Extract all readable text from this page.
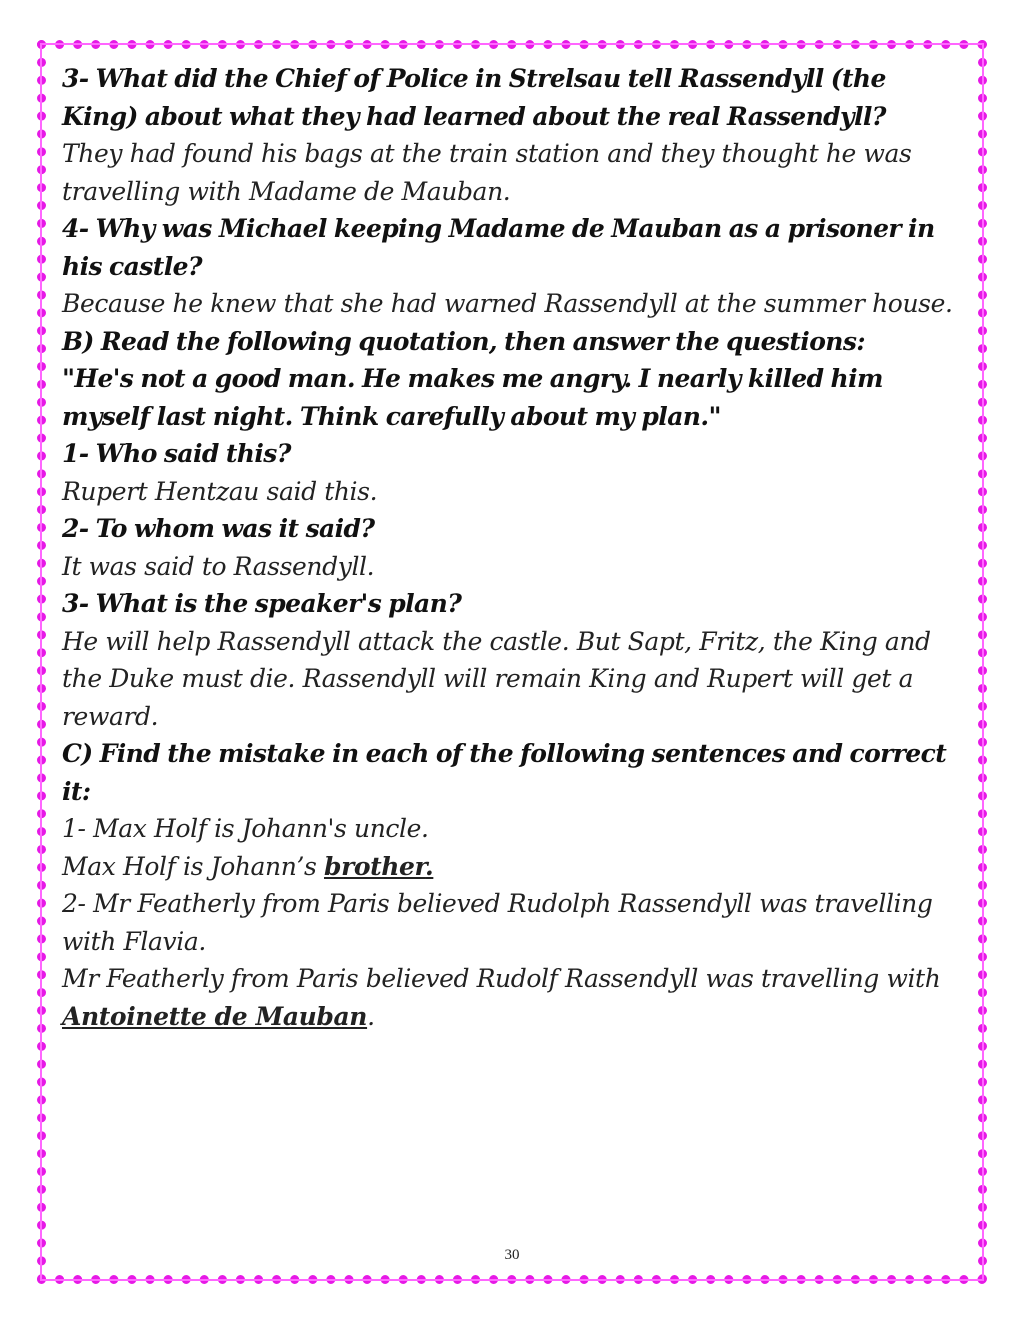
3- What did the Chief of Police in Strelsau tell Rassendyll (the King) about what they had learned about the real Rassendyll?

They had found his bags at the train station and they thought he was travelling with Madame de Mauban.

4- Why was Michael keeping Madame de Mauban as a prisoner in his castle?

Because he knew that she had warned Rassendyll at the summer house.

B) Read the following quotation, then answer the questions:

"He's not a good man. He makes me angry. I nearly killed him myself last night. Think carefully about my plan."

1- Who said this?

Rupert Hentzau said this.

2- To whom was it said?

It was said to Rassendyll.

3- What is the speaker's plan?

He will help Rassendyll attack the castle. But Sapt, Fritz, the King and the Duke must die. Rassendyll will remain King and Rupert will get a reward.

C) Find the mistake in each of the following sentences and correct it:

1- Max Holf is Johann's uncle.

Max Holf is Johann’s brother.

2- Mr Featherly from Paris believed Rudolph Rassendyll was travelling with Flavia.

Mr Featherly from Paris believed Rudolf Rassendyll was travelling with Antoinette de Mauban.

30
